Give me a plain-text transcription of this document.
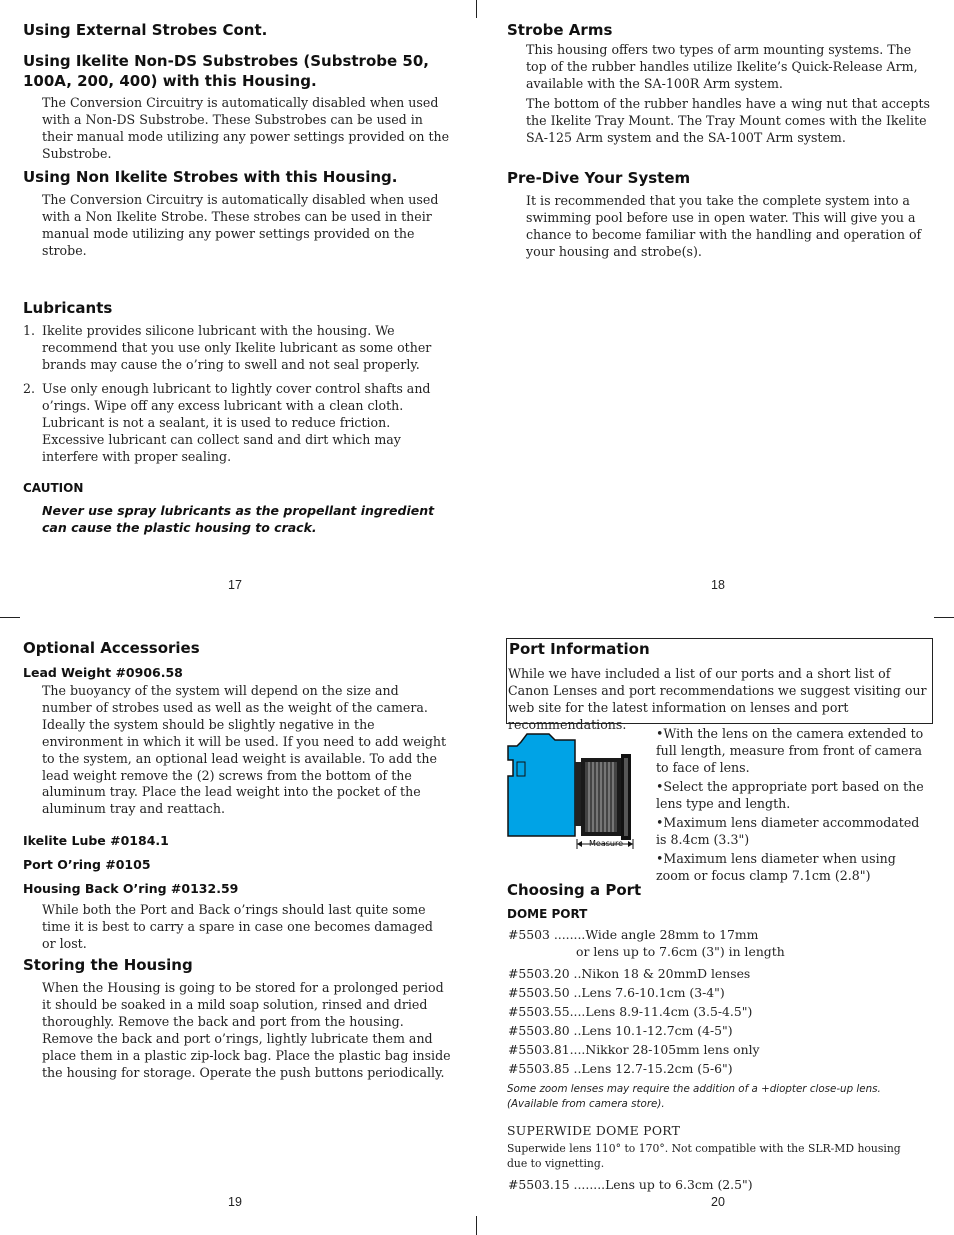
Using External Strobes Cont.
Using Ikelite Non-DS Substrobes (Substrobe 50, 100A, 200, 400) with this Housing.

The Conversion Circuitry is automatically disabled when used with a Non-DS Substrobe. These Substrobes can be used in their manual mode utilizing any power settings provided on the Substrobe.

Using Non Ikelite Strobes with this Housing.

The Conversion Circuitry is automatically disabled when used with a Non Ikelite Strobe. These strobes can be used in their manual mode utilizing any power settings provided on the strobe.

Lubricants
1. Ikelite provides silicone lubricant with the housing. We recommend that you use only Ikelite lubricant as some other brands may cause the o’ring to swell and not seal properly.
2. Use only enough lubricant to lightly cover control shafts and o’rings. Wipe off any excess lubricant with a clean cloth. Lubricant is not a sealant, it is used to reduce friction. Excessive lubricant can collect sand and dirt which may interfere with proper sealing.
CAUTION

Never use spray lubricants as the propellant ingredient can cause the plastic housing to crack.

17
Strobe Arms

This housing offers two types of arm mounting systems. The top of the rubber handles utilize Ikelite’s Quick-Release Arm, available with the SA-100R Arm system.

The bottom of the rubber handles have a wing nut that accepts the Ikelite Tray Mount. The Tray Mount comes with the Ikelite SA-125 Arm system and the SA-100T Arm system.

Pre-Dive Your System

It is recommended that you take the complete system into a swimming pool before use in open water. This will give you a chance to become familiar with the handling and operation of your housing and strobe(s).

18
Optional Accessories
Lead Weight #0906.58

The buoyancy of the system will depend on the size and number of strobes used as well as the weight of the camera. Ideally the system should be slightly negative in the environment in which it will be used. If you need to add weight to the system, an optional lead weight is available. To add the lead weight remove the (2) screws from the bottom of the aluminum tray. Place the lead weight into the pocket of the aluminum tray and reattach.

Ikelite Lube #0184.1
Port O’ring #0105
Housing Back O’ring #0132.59

While both the Port and Back o’rings should last quite some time it is best to carry a spare in case one becomes damaged or lost.

Storing the Housing

When the Housing is going to be stored for a prolonged period it should be soaked in a mild soap solution, rinsed and dried thoroughly. Remove the back and port from the housing. Remove the back and port o’rings, lightly lubricate them and place them in a plastic zip-lock bag. Place the plastic bag inside the housing for storage. Operate the push buttons periodically.

19
Port Information

While we have included a list of our ports and a short list of Canon Lenses and port recommendations we suggest visiting our web site for the latest information on lenses and port recommendations.

Measure
•With the lens on the camera extended to full length, measure from front of camera to face of lens.
•Select the appropriate port based on the lens type and length.
•Maximum lens diameter accommodated is 8.4cm (3.3")
•Maximum lens diameter when using zoom or focus clamp 7.1cm (2.8")
Choosing a Port
DOME PORT
#5503 ........Wide angle 28mm to 17mm
or lens up to 7.6cm (3") in length
#5503.20 ..Nikon 18 & 20mmD lenses
#5503.50 ..Lens 7.6-10.1cm (3-4")
#5503.55....Lens 8.9-11.4cm (3.5-4.5")
#5503.80 ..Lens 10.1-12.7cm (4-5")
#5503.81....Nikkor 28-105mm lens only
#5503.85 ..Lens 12.7-15.2cm (5-6")
Some zoom lenses may require the addition of a +diopter close-up lens. (Available from camera store).
SUPERWIDE DOME PORT
Superwide lens 110° to 170°. Not compatible with the SLR-MD housing due to vignetting.
#5503.15 ........Lens up to 6.3cm (2.5")
20
